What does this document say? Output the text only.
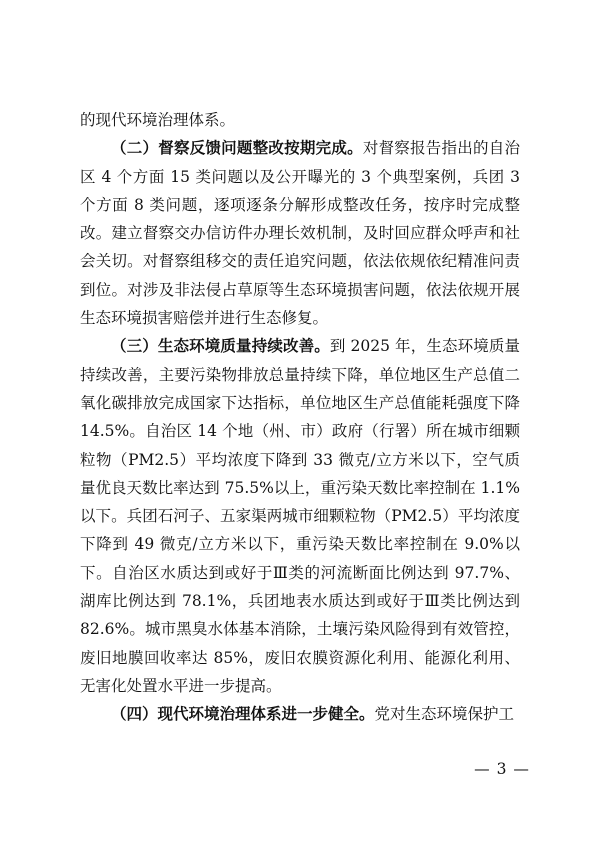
的现代环境治理体系。

（二）督察反馈问题整改按期完成。对督察报告指出的自治区 4 个方面 15 类问题以及公开曝光的 3 个典型案例，兵团 3 个方面 8 类问题，逐项逐条分解形成整改任务，按序时完成整改。建立督察交办信访件办理长效机制，及时回应群众呼声和社会关切。对督察组移交的责任追究问题，依法依规依纪精准问责到位。对涉及非法侵占草原等生态环境损害问题，依法依规开展生态环境损害赔偿并进行生态修复。

（三）生态环境质量持续改善。到 2025 年，生态环境质量持续改善，主要污染物排放总量持续下降，单位地区生产总值二氧化碳排放完成国家下达指标，单位地区生产总值能耗强度下降 14.5%。自治区 14 个地（州、市）政府（行署）所在城市细颗粒物（PM2.5）平均浓度下降到 33 微克/立方米以下，空气质量优良天数比率达到 75.5%以上，重污染天数比率控制在 1.1%以下。兵团石河子、五家渠两城市细颗粒物（PM2.5）平均浓度下降到 49 微克/立方米以下，重污染天数比率控制在 9.0%以下。自治区水质达到或好于Ⅲ类的河流断面比例达到 97.7%、湖库比例达到 78.1%，兵团地表水质达到或好于Ⅲ类比例达到 82.6%。城市黑臭水体基本消除，土壤污染风险得到有效管控，废旧地膜回收率达 85%，废旧农膜资源化利用、能源化利用、无害化处置水平进一步提高。

（四）现代环境治理体系进一步健全。党对生态环境保护工

— 3 —
